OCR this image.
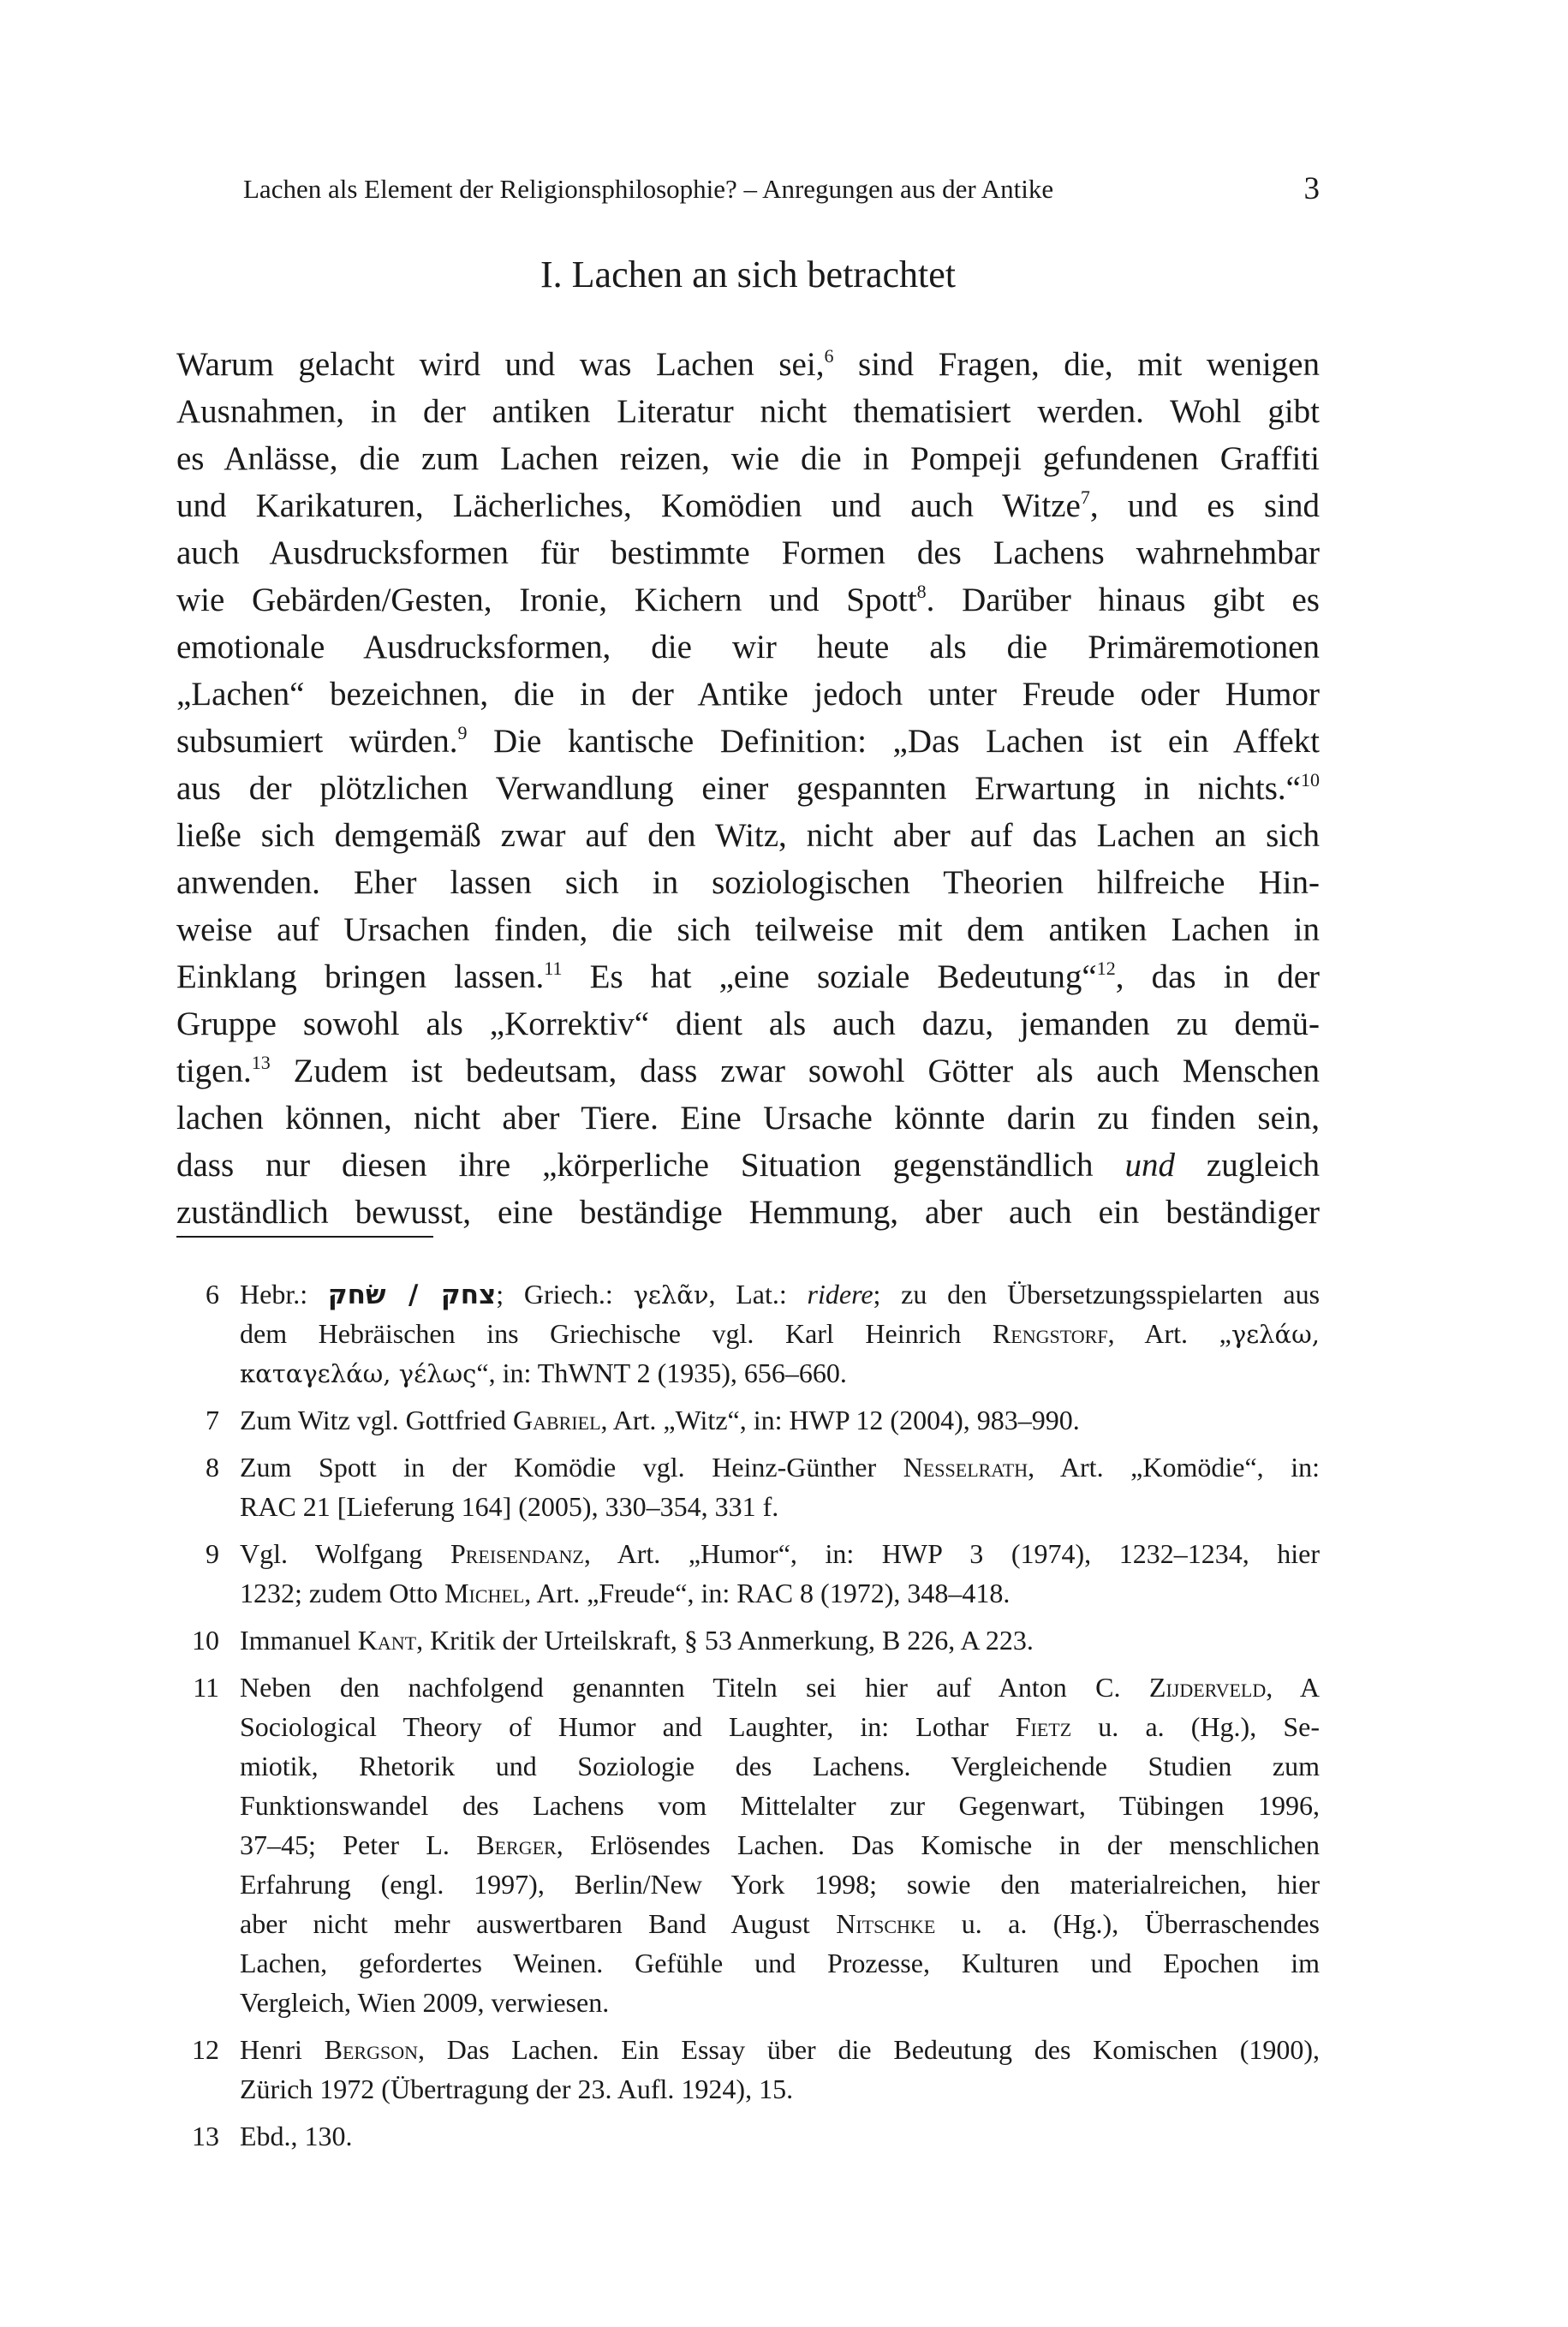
Lachen als Element der Religionsphilosophie? – Anregungen aus der Antike	3
I. Lachen an sich betrachtet
Warum gelacht wird und was Lachen sei,$^6$ sind Fragen, die, mit wenigen
Ausnahmen, in der antiken Literatur nicht thematisiert werden. Wohl gibt
es Anlässe, die zum Lachen reizen, wie die in Pompeji gefundenen Graffiti
und Karikaturen, Lächerliches, Komödien und auch Witze$^7$, und es sind
auch Ausdrucksformen für bestimmte Formen des Lachens wahrnehmbar
wie Gebärden/Gesten, Ironie, Kichern und Spott$^8$. Darüber hinaus gibt es
emotionale Ausdrucksformen, die wir heute als die Primäremotionen
„Lachen“ bezeichnen, die in der Antike jedoch unter Freude oder Humor
subsumiert würden.$^9$ Die kantische Definition: „Das Lachen ist ein Affekt
aus der plötzlichen Verwandlung einer gespannten Erwartung in nichts.“$^{10}$
ließe sich demgemäß zwar auf den Witz, nicht aber auf das Lachen an sich
anwenden. Eher lassen sich in soziologischen Theorien hilfreiche Hin-
weise auf Ursachen finden, die sich teilweise mit dem antiken Lachen in
Einklang bringen lassen.$^{11}$ Es hat „eine soziale Bedeutung“$^{12}$, das in der
Gruppe sowohl als „Korrektiv“ dient als auch dazu, jemanden zu demü-
tigen.$^{13}$ Zudem ist bedeutsam, dass zwar sowohl Götter als auch Menschen
lachen können, nicht aber Tiere. Eine Ursache könnte darin zu finden sein,
dass nur diesen ihre „körperliche Situation gegenständlich und zugleich
zuständlich bewusst, eine beständige Hemmung, aber auch ein beständiger
6 Hebr.: צחק / שׂחק; Griech.: γελᾶν, Lat.: ridere; zu den Übersetzungsspielarten aus
dem Hebräischen ins Griechische vgl. Karl Heinrich Rengstorf, Art. „γελάω,
καταγελάω, γέλως“, in: ThWNT 2 (1935), 656–660.
7 Zum Witz vgl. Gottfried Gabriel, Art. „Witz“, in: HWP 12 (2004), 983–990.
8 Zum Spott in der Komödie vgl. Heinz-Günther Nesselrath, Art. „Komödie“, in:
RAC 21 [Lieferung 164] (2005), 330–354, 331 f.
9 Vgl. Wolfgang Preisendanz, Art. „Humor“, in: HWP 3 (1974), 1232–1234, hier
1232; zudem Otto Michel, Art. „Freude“, in: RAC 8 (1972), 348–418.
10 Immanuel Kant, Kritik der Urteilskraft, § 53 Anmerkung, B 226, A 223.
11 Neben den nachfolgend genannten Titeln sei hier auf Anton C. Zijderveld, A
Sociological Theory of Humor and Laughter, in: Lothar Fietz u. a. (Hg.), Se-
miotik, Rhetorik und Soziologie des Lachens. Vergleichende Studien zum
Funktionswandel des Lachens vom Mittelalter zur Gegenwart, Tübingen 1996,
37–45; Peter L. Berger, Erlösendes Lachen. Das Komische in der menschlichen
Erfahrung (engl. 1997), Berlin/New York 1998; sowie den materialreichen, hier
aber nicht mehr auswertbaren Band August Nitschke u. a. (Hg.), Überraschendes
Lachen, gefordertes Weinen. Gefühle und Prozesse, Kulturen und Epochen im
Vergleich, Wien 2009, verwiesen.
12 Henri Bergson, Das Lachen. Ein Essay über die Bedeutung des Komischen (1900),
Zürich 1972 (Übertragung der 23. Aufl. 1924), 15.
13 Ebd., 130.
